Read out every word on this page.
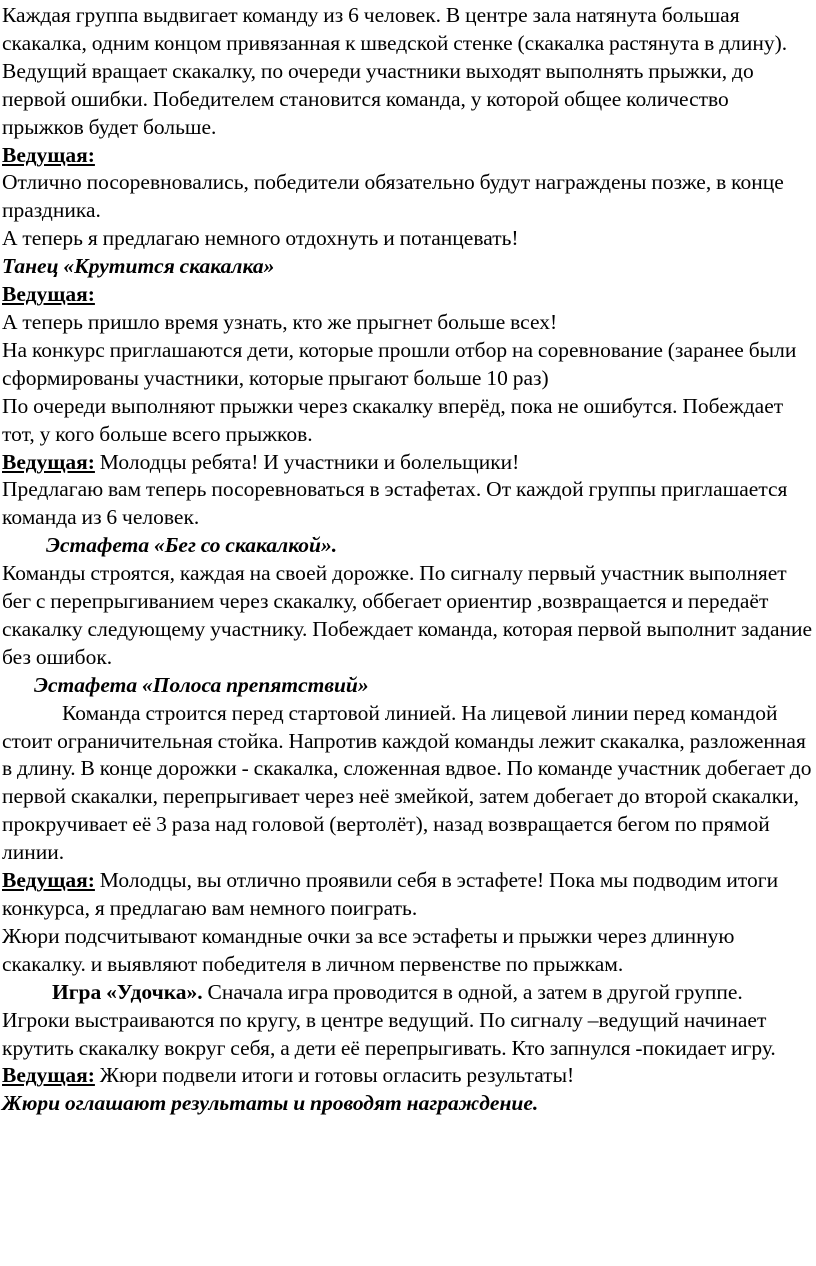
Каждая группа выдвигает команду из 6 человек. В центре зала натянута большая скакалка, одним концом привязанная к шведской стенке (скакалка растянута в длину).

Ведущий вращает скакалку, по очереди участники выходят выполнять прыжки, до первой ошибки. Победителем становится команда, у которой общее количество прыжков будет больше.

Ведущая:

Отлично посоревновались, победители обязательно будут награждены позже, в конце праздника.

А теперь я предлагаю немного отдохнуть и потанцевать!

Танец «Крутится скакалка»

Ведущая:

А теперь пришло время узнать, кто же прыгнет больше всех!

На конкурс приглашаются дети, которые прошли отбор на соревнование (заранее были сформированы участники, которые прыгают больше 10 раз)

По очереди выполняют прыжки через скакалку вперёд, пока не ошибутся. Побеждает тот, у кого больше всего прыжков.

Ведущая: Молодцы ребята! И участники и болельщики!

Предлагаю вам теперь посоревноваться в эстафетах. От каждой группы приглашается команда из 6 человек.

Эстафета «Бег со скакалкой».

Команды строятся, каждая на своей дорожке. По сигналу первый участник выполняет бег с перепрыгиванием через скакалку, оббегает ориентир ,возвращается и передаёт скакалку следующему участнику. Побеждает команда, которая первой выполнит задание без ошибок.

Эстафета «Полоса препятствий»

Команда строится перед стартовой линией. На лицевой линии перед командой стоит ограничительная стойка. Напротив каждой команды лежит скакалка, разложенная в длину. В конце дорожки - скакалка, сложенная вдвое. По команде участник добегает до первой скакалки, перепрыгивает через неё змейкой, затем добегает до второй скакалки, прокручивает её 3 раза над головой (вертолёт), назад возвращается бегом по прямой линии.

Ведущая: Молодцы, вы отлично проявили себя в эстафете! Пока мы подводим итоги конкурса, я предлагаю вам немного поиграть.

Жюри подсчитывают командные очки за все эстафеты и прыжки через длинную скакалку. и выявляют победителя в личном первенстве по прыжкам.

Игра «Удочка». Сначала игра проводится в одной, а затем в другой группе.

Игроки выстраиваются по кругу, в центре ведущий. По сигналу –ведущий начинает крутить скакалку вокруг себя, а дети её перепрыгивать. Кто запнулся -покидает игру.

Ведущая: Жюри подвели итоги и готовы огласить результаты!

Жюри оглашают результаты и проводят награждение.
